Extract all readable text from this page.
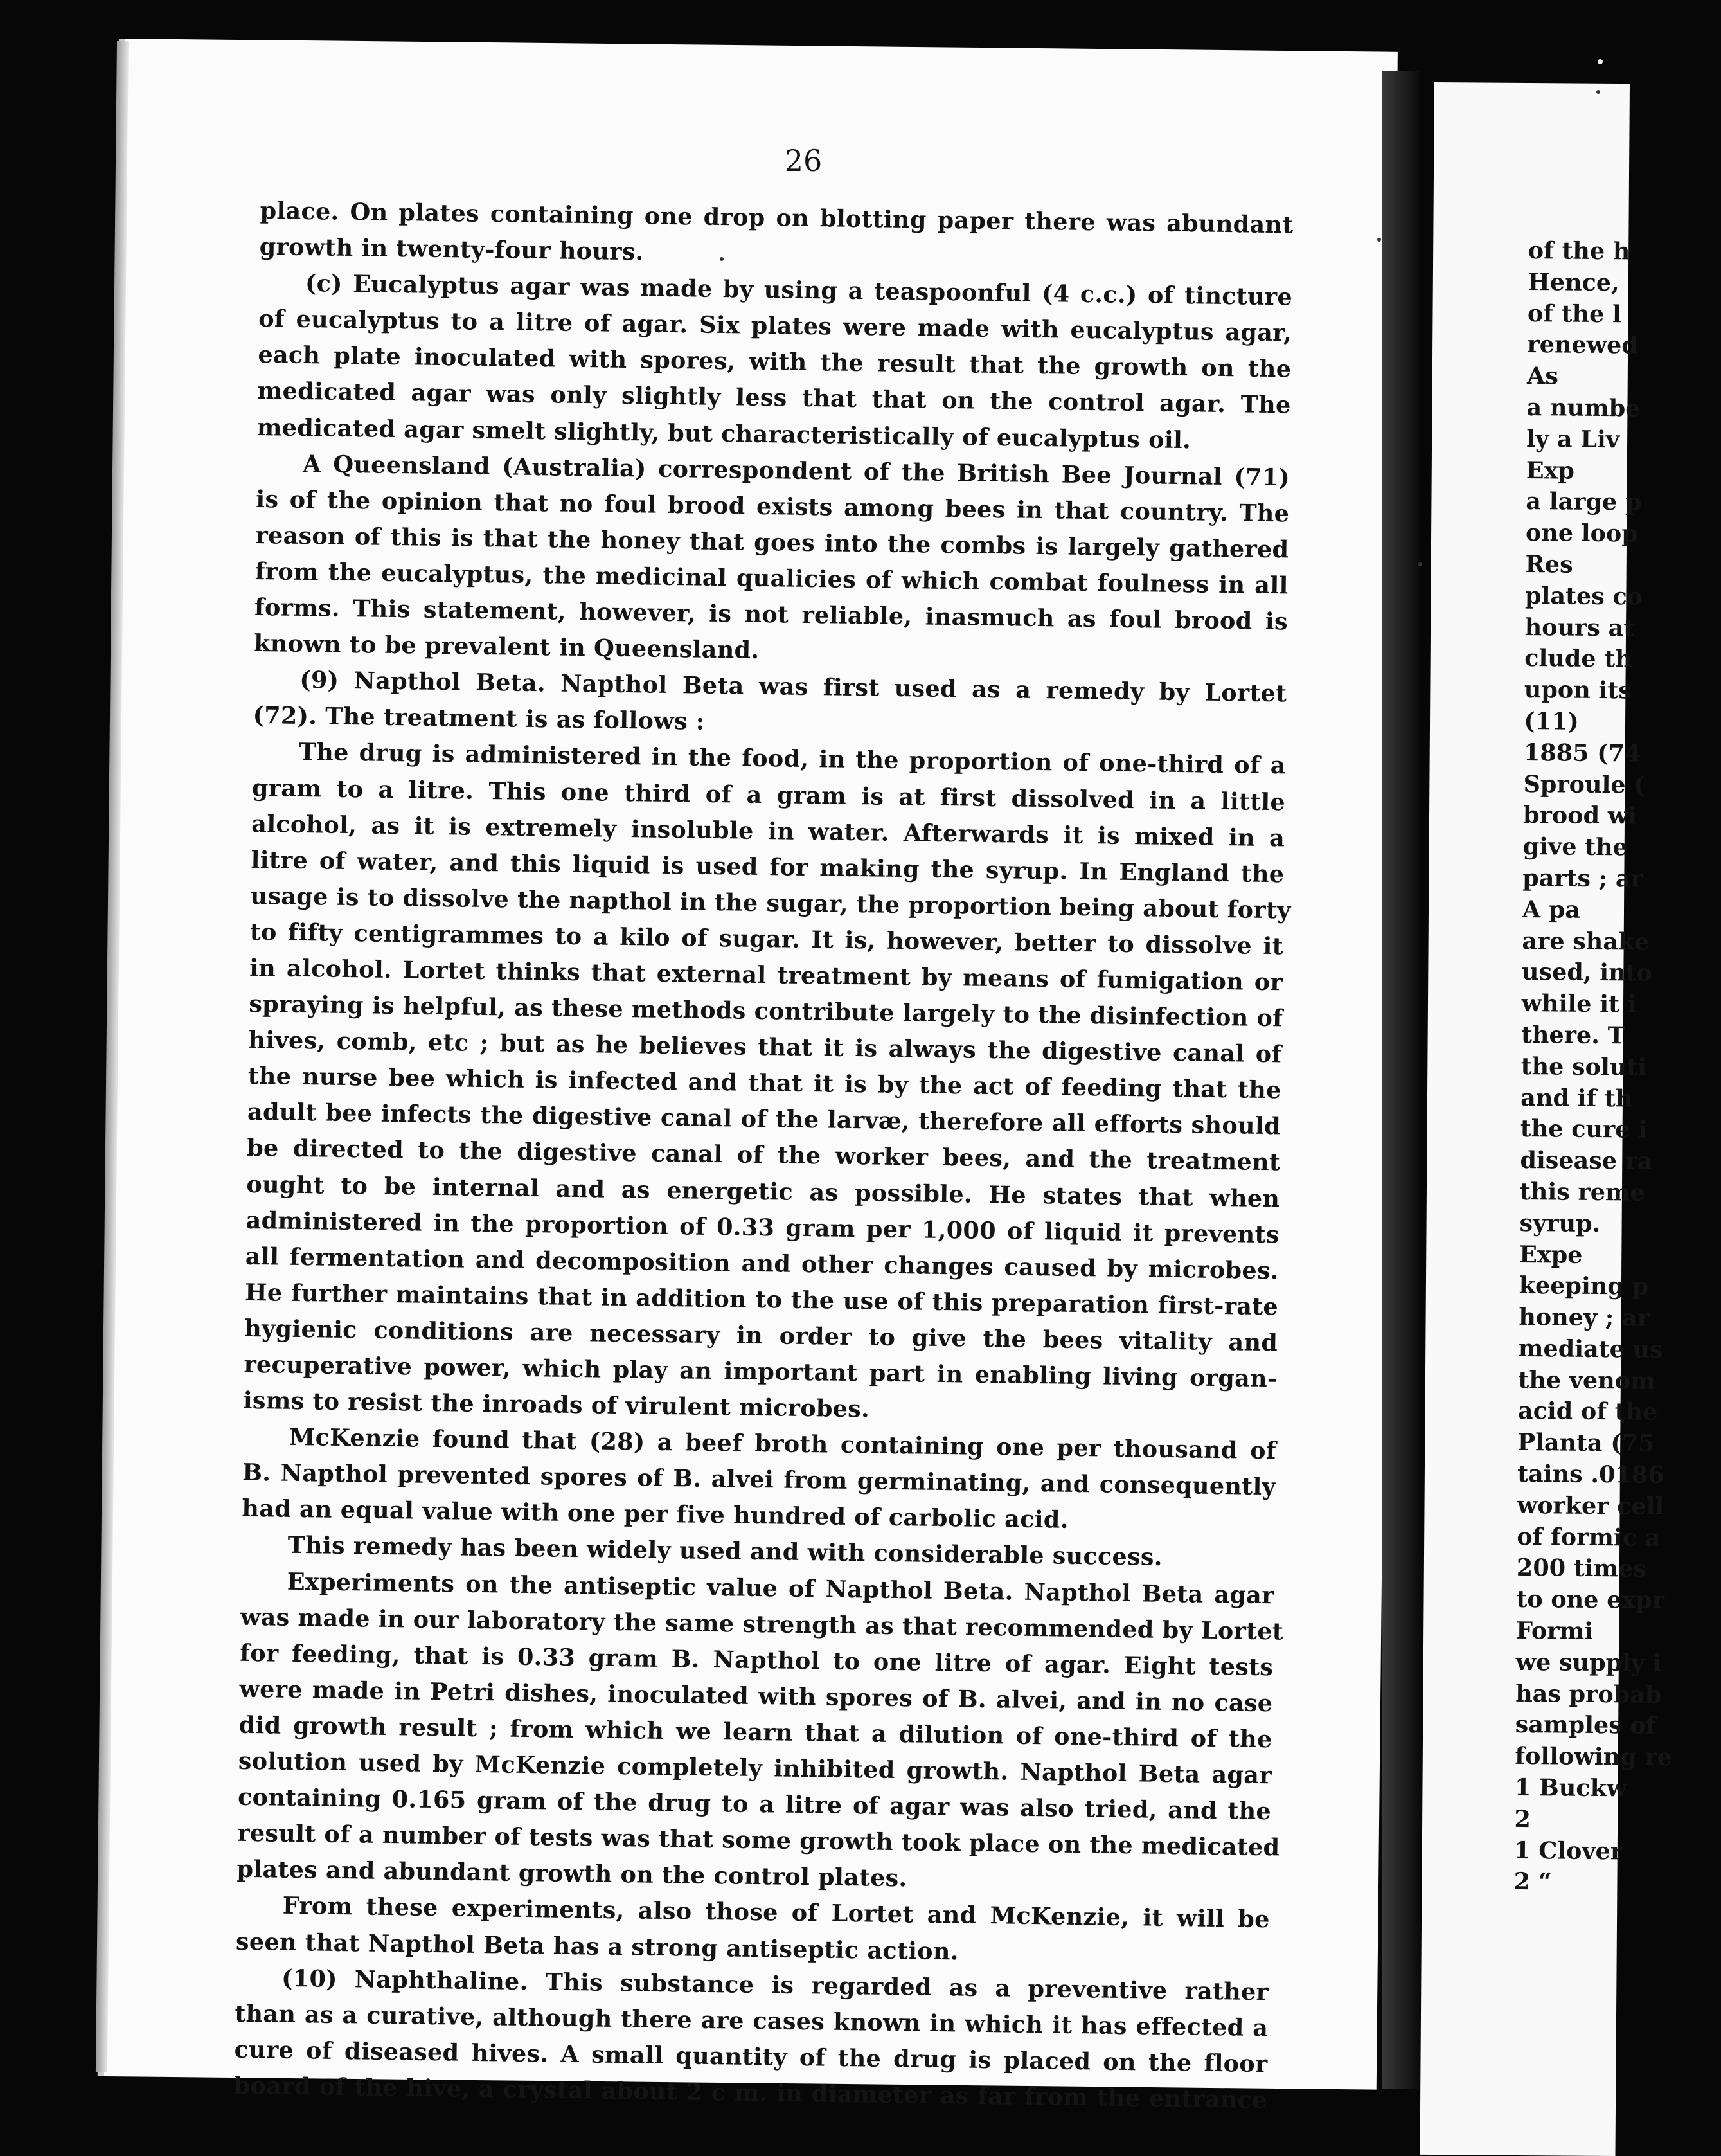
26
place. On plates containing one drop on blotting paper there was abundant
growth in twenty-four hours.
(c) Eucalyptus agar was made by using a teaspoonful (4 c.c.) of tincture
of eucalyptus to a litre of agar. Six plates were made with eucalyptus agar,
each plate inoculated with spores, with the result that the growth on the
medicated agar was only slightly less that that on the control agar. The
medicated agar smelt slightly, but characteristically of eucalyptus oil.
A Queensland (Australia) correspondent of the British Bee Journal (71)
is of the opinion that no foul brood exists among bees in that country. The
reason of this is that the honey that goes into the combs is largely gathered
from the eucalyptus, the medicinal qualicies of which combat foulness in all
forms. This statement, however, is not reliable, inasmuch as foul brood is
known to be prevalent in Queensland.
(9) Napthol Beta. Napthol Beta was first used as a remedy by Lortet
(72). The treatment is as follows :
The drug is administered in the food, in the proportion of one-third of a
gram to a litre. This one third of a gram is at first dissolved in a little
alcohol, as it is extremely insoluble in water. Afterwards it is mixed in a
litre of water, and this liquid is used for making the syrup. In England the
usage is to dissolve the napthol in the sugar, the proportion being about forty
to fifty centigrammes to a kilo of sugar. It is, however, better to dissolve it
in alcohol. Lortet thinks that external treatment by means of fumigation or
spraying is helpful, as these methods contribute largely to the disinfection of
hives, comb, etc ; but as he believes that it is always the digestive canal of
the nurse bee which is infected and that it is by the act of feeding that the
adult bee infects the digestive canal of the larvæ, therefore all efforts should
be directed to the digestive canal of the worker bees, and the treatment
ought to be internal and as energetic as possible. He states that when
administered in the proportion of 0.33 gram per 1,000 of liquid it prevents
all fermentation and decomposition and other changes caused by microbes.
He further maintains that in addition to the use of this preparation first-rate
hygienic conditions are necessary in order to give the bees vitality and
recuperative power, which play an important part in enabling living organ-
isms to resist the inroads of virulent microbes.
McKenzie found that (28) a beef broth containing one per thousand of
B. Napthol prevented spores of B. alvei from germinating, and consequently
had an equal value with one per five hundred of carbolic acid.
This remedy has been widely used and with considerable success.
Experiments on the antiseptic value of Napthol Beta. Napthol Beta agar
was made in our laboratory the same strength as that recommended by Lortet
for feeding, that is 0.33 gram B. Napthol to one litre of agar. Eight tests
were made in Petri dishes, inoculated with spores of B. alvei, and in no case
did growth result ; from which we learn that a dilution of one-third of the
solution used by McKenzie completely inhibited growth. Napthol Beta agar
containing 0.165 gram of the drug to a litre of agar was also tried, and the
result of a number of tests was that some growth took place on the medicated
plates and abundant growth on the control plates.
From these experiments, also those of Lortet and McKenzie, it will be
seen that Napthol Beta has a strong antiseptic action.
(10) Naphthaline. This substance is regarded as a preventive rather
than as a curative, although there are cases known in which it has effected a
cure of diseased hives. A small quantity of the drug is placed on the floor
board of the hive, a crystal about 2 c m. in diameter as far from the entrance
of the h
Hence,
of the l
renewed
As
a numbe
ly a Liv
Exp
a large p
one loop
Res
plates co
hours at
clude th
upon its
(11)
1885 (74
Sproule (
brood wi
give the
parts ; ar
A pa
are shake
used, into
while it i
there. T
the soluti
and if th
the cure i
disease ra
this reme
syrup.
Expe
keeping p
honey ; ar
mediate us
the venom
acid of the
Planta (75
tains .0186
worker cell
of formic a
200 times
to one expr
Formi
we supply i
has probab
samples of
following re
1 Buckw
2
1 Clover
2 “
